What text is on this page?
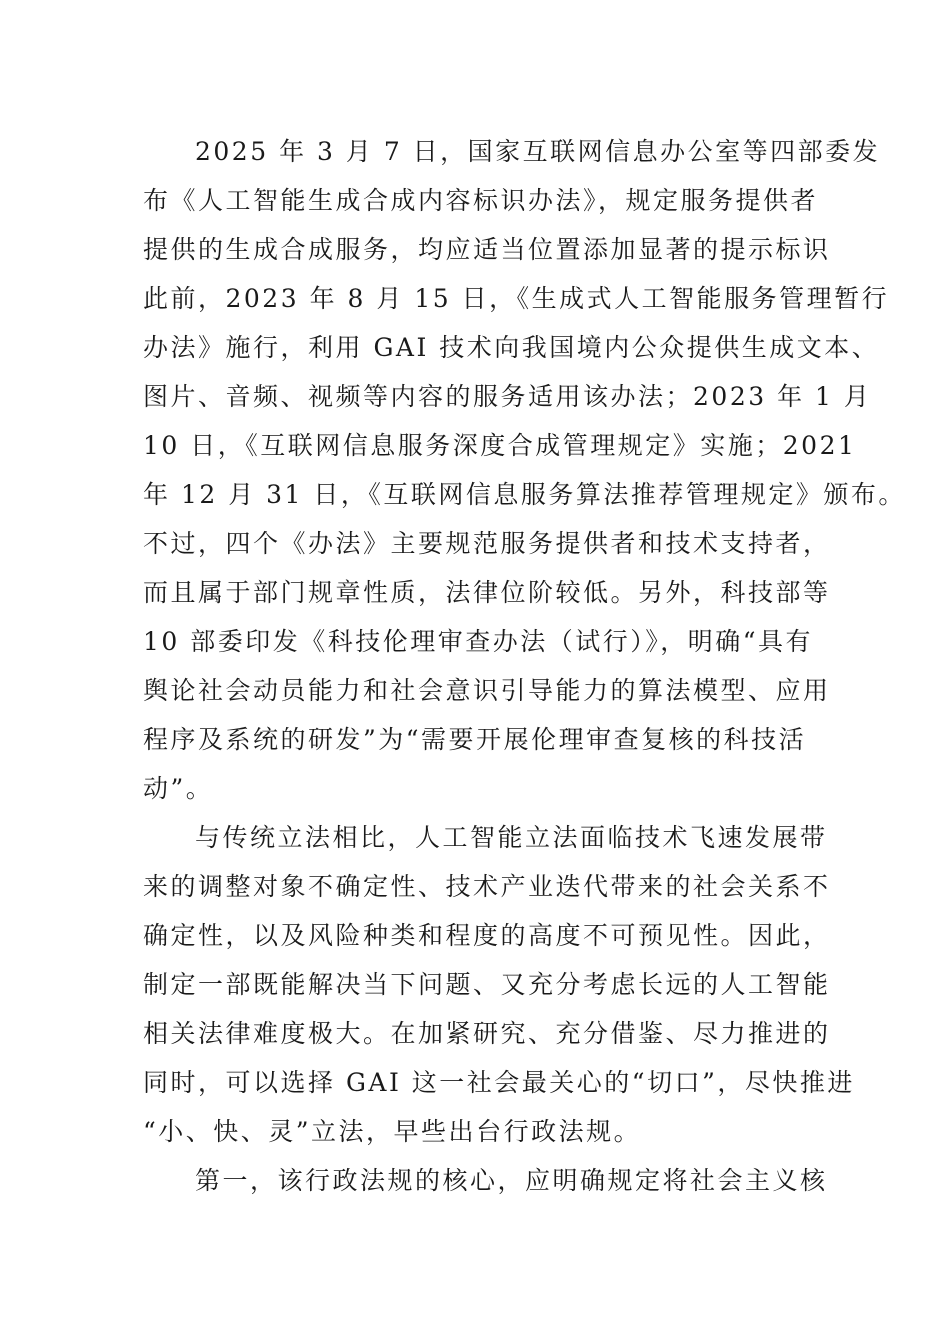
2025 年 3 月 7 日，国家互联网信息办公室等四部委发
布《人工智能生成合成内容标识办法》，规定服务提供者
提供的生成合成服务，均应适当位置添加显著的提示标识
此前，2023 年 8 月 15 日，《生成式人工智能服务管理暂行
办法》施行，利用 GAI 技术向我国境内公众提供生成文本、
图片、音频、视频等内容的服务适用该办法；2023 年 1 月
10 日，《互联网信息服务深度合成管理规定》实施；2021
年 12 月 31 日，《互联网信息服务算法推荐管理规定》颁布。
不过，四个《办法》主要规范服务提供者和技术支持者，
而且属于部门规章性质，法律位阶较低。另外，科技部等
10 部委印发《科技伦理审查办法（试行）》，明确“具有
舆论社会动员能力和社会意识引导能力的算法模型、应用
程序及系统的研发”为“需要开展伦理审查复核的科技活
动”。
与传统立法相比，人工智能立法面临技术飞速发展带
来的调整对象不确定性、技术产业迭代带来的社会关系不
确定性，以及风险种类和程度的高度不可预见性。因此，
制定一部既能解决当下问题、又充分考虑长远的人工智能
相关法律难度极大。在加紧研究、充分借鉴、尽力推进的
同时，可以选择 GAI 这一社会最关心的“切口”，尽快推进
“小、快、灵”立法，早些出台行政法规。
第一，该行政法规的核心，应明确规定将社会主义核
